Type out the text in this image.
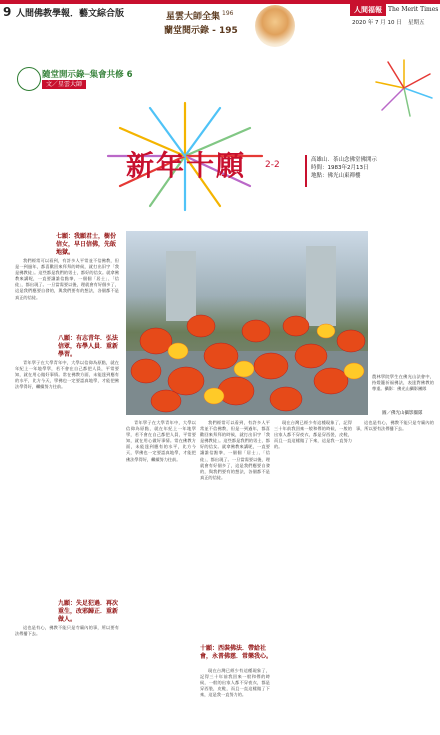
9 人間佛教學報．藝文綜合版	星雲大師全集 196
蘭堂閱示錄 - 195
人間福報	The Merit Times
2020 年 7 月 10 日 星期五
隨堂開示錄─集會共修 6
文／星雲大師
新年十願 2-2	高雄山．茶山念佛堂佛開示
時間：1983年2月13日
地點：佛光山東禪樓
七願：我願君士，樹份信女，早日信佛，先皈地獄。

我們經常可以看到，有許多人平常並不信佛教，但是一到過年，都喜歡回來拜拜的時候，就打出旧字「我是佛教徒」。這些都是我們的男士，都好的信女。就拿佛教來講呢，一直要讓誰信點拳，一個個「居士」、「信徒」，都出現了。一旦當需要以後，理就會有好個多了，這是我們應要自發的，與我們要有的想法，各個都不是真正的信徒。

八願：有志青年．弘法信眾，布學人員．重新學習。

青年學子在大學青年中，大學以信仰為原點，就在年紀上一年地學學，若不會在自己都把人員，平常要知，就在用心做好事情。常在佛教方面，未能達到應有的水平，比方今天，學佛也一定要認真地學，才能把佛法學得好，繼續努力往前。

九願：失足犯過．再次重生，改邪歸正．重新做人。

這也是有心，佛教不能只是寺廟內的事，所以要有法傳播下去。

農林學院學生在佛光山法會中，持燈籠祈福佛法，表達對佛教的尊重。攝影：佛光山攝影團隊
圖／佛光山攝影團隊

青年學子在大學青年中，大學以信仰為原點，就在年紀上一年地學學，若不會在自己都把人員，平常要知，就在用心做好事情。常在佛教方面，未能達到應有的水平，比方今天，學佛也一定要認真地學，才能把佛法學得好，繼續努力往前。

我們經常可以看到，有許多人平常並不信佛教，但是一到過年，都喜歡回來拜拜的時候，就打出旧字「我是佛教徒」。這些都是我們的男士，都好的信女。就拿佛教來講呢，一直要讓誰信點拳，一個個「居士」、「信徒」，都出現了。一旦當需要以後，理就會有好個多了，這是我們應要自發的，與我們要有的想法，各個都不是真正的信徒。

十願：西裝佛法．帶給社會，永普佛慈．常樂我心。

現在台灣已經少有這種現象了，記得三十年前我回來一般和傳的時候，一般的出家人都不穿夜衣，都是穿西裝，皮鞋，而且一直這樣做了下來，這是我一直努力的。

現在台灣已經少有這種現象了，記得三十年前我回來一般和傳的時候，一般的出家人都不穿夜衣，都是穿西裝，皮鞋，而且一直這樣做了下來，這是我一直努力的。

這也是有心，佛教不能只是寺廟內的事，所以要有法傳播下去。
